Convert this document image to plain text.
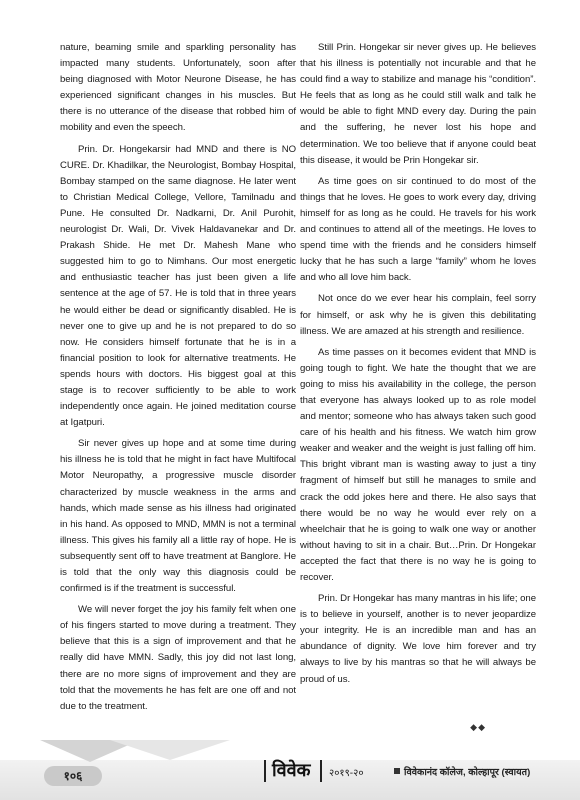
nature, beaming smile and sparkling personality has impacted many students. Unfortunately, soon after being diagnosed with Motor Neurone Disease, he has experienced significant changes in his muscles. But there is no utterance of the disease that robbed him of mobility and even the speech.

Prin. Dr. Hongekarsir had MND and there is NO CURE. Dr. Khadilkar, the Neurologist, Bombay Hospital, Bombay stamped on the same diagnose. He later went to Christian Medical College, Vellore, Tamilnadu and Pune. He consulted Dr. Nadkarni, Dr. Anil Purohit, neurologist Dr. Wali, Dr. Vivek Haldavanekar and Dr. Prakash Shide. He met Dr. Mahesh Mane who suggested him to go to Nimhans. Our most energetic and enthusiastic teacher has just been given a life sentence at the age of 57. He is told that in three years he would either be dead or significantly disabled. He is never one to give up and he is not prepared to do so now. He considers himself fortunate that he is in a financial position to look for alternative treatments. He spends hours with doctors. His biggest goal at this stage is to recover sufficiently to be able to work independently once again. He joined meditation course at Igatpuri.

Sir never gives up hope and at some time during his illness he is told that he might in fact have Multifocal Motor Neuropathy, a progressive muscle disorder characterized by muscle weakness in the arms and hands, which made sense as his illness had originated in his hand. As opposed to MND, MMN is not a terminal illness. This gives his family all a little ray of hope. He is subsequently sent off to have treatment at Banglore. He is told that the only way this diagnosis could be confirmed is if the treatment is successful.

We will never forget the joy his family felt when one of his fingers started to move during a treatment. They believe that this is a sign of improvement and that he really did have MMN. Sadly, this joy did not last long, there are no more signs of improvement and they are told that the movements he has felt are one off and not due to the treatment.

Still Prin. Hongekar sir never gives up. He believes that his illness is potentially not incurable and that he could find a way to stabilize and manage his “condition”. He feels that as long as he could still walk and talk he would be able to fight MND every day. During the pain and the suffering, he never lost his hope and determination. We too believe that if anyone could beat this disease, it would be Prin Hongekar sir.

As time goes on sir continued to do most of the things that he loves. He goes to work every day, driving himself for as long as he could. He travels for his work and continues to attend all of the meetings. He loves to spend time with the friends and he considers himself lucky that he has such a large “family” whom he loves and who all love him back.

Not once do we ever hear his complain, feel sorry for himself, or ask why he is given this debilitating illness. We are amazed at his strength and resilience.

As time passes on it becomes evident that MND is going tough to fight. We hate the thought that we are going to miss his availability in the college, the person that everyone has always looked up to as role model and mentor; someone who has always taken such good care of his health and his fitness. We watch him grow weaker and weaker and the weight is just falling off him. This bright vibrant man is wasting away to just a tiny fragment of himself but still he manages to smile and crack the odd jokes here and there. He also says that there would be no way he would ever rely on a wheelchair that he is going to walk one way or another without having to sit in a chair. But…Prin. Dr Hongekar accepted the fact that there is no way he is going to recover.

Prin. Dr Hongekar has many mantras in his life; one is to believe in yourself, another is to never jeopardize your integrity. He is an incredible man and has an abundance of dignity. We love him forever and try always to live by his mantras so that he will always be proud of us.

◆◆
१०६	विवेक २०१९-२०	विवेकानंद कॉलेज, कोल्हापूर (स्वायत)
